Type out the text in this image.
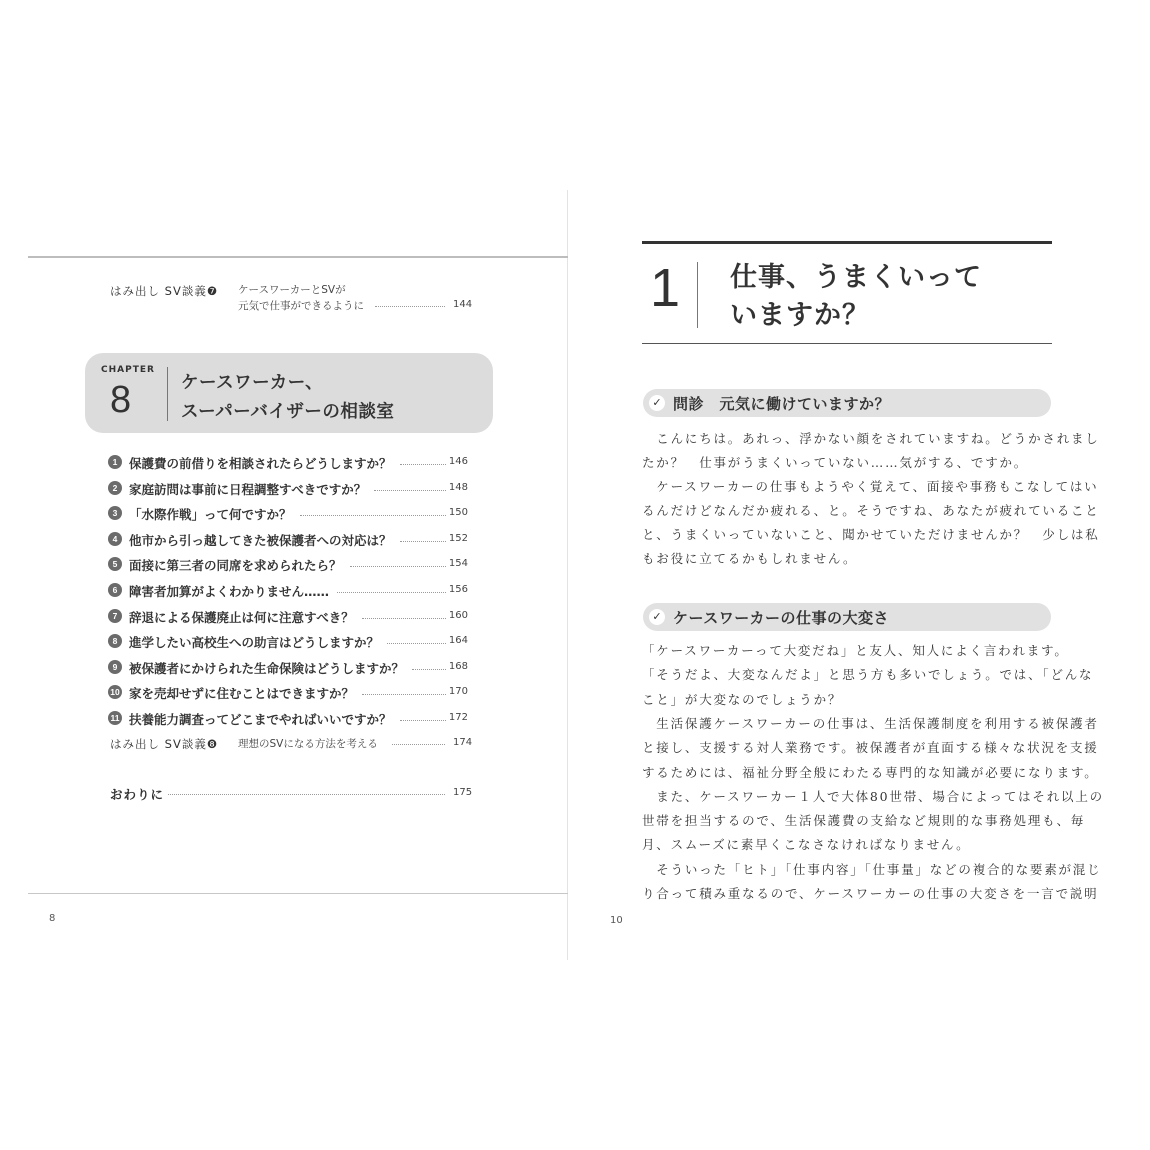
はみ出し SV談義❼ ケースワーカーとSVが
元気で仕事ができるように	144
CHAPTER
8	ケースワーカー、
スーパーバイザーの相談室
1 保護費の前借りを相談されたらどうしますか？	146
2 家庭訪問は事前に日程調整すべきですか？	148
3 「水際作戦」って何ですか？	150
4 他市から引っ越してきた被保護者への対応は？	152
5 面接に第三者の同席を求められたら？	154
6 障害者加算がよくわかりません……	156
7 辞退による保護廃止は何に注意すべき？	160
8 進学したい高校生への助言はどうしますか？	164
9 被保護者にかけられた生命保険はどうしますか？	168
10 家を売却せずに住むことはできますか？	170
11 扶養能力調査ってどこまでやればいいですか？	172
はみ出し SV談義❽ 理想のSVになる方法を考える	174
おわりに	175
8
1 仕事、うまくいって
いますか？
✓ 問診　元気に働けていますか？
　こんにちは。あれっ、浮かない顔をされていますね。どうかされまし
たか？　仕事がうまくいっていない……気がする、ですか。
　ケースワーカーの仕事もようやく覚えて、面接や事務もこなしてはい
るんだけどなんだか疲れる、と。そうですね、あなたが疲れていること
と、うまくいっていないこと、聞かせていただけませんか？　少しは私
もお役に立てるかもしれません。
✓ ケースワーカーの仕事の大変さ
「ケースワーカーって大変だね」と友人、知人によく言われます。
「そうだよ、大変なんだよ」と思う方も多いでしょう。では、「どんな
こと」が大変なのでしょうか？
　生活保護ケースワーカーの仕事は、生活保護制度を利用する被保護者
と接し、支援する対人業務です。被保護者が直面する様々な状況を支援
するためには、福祉分野全般にわたる専門的な知識が必要になります。
　また、ケースワーカー１人で大体80世帯、場合によってはそれ以上の
世帯を担当するので、生活保護費の支給など規則的な事務処理も、毎
月、スムーズに素早くこなさなければなりません。
　そういった「ヒト」「仕事内容」「仕事量」などの複合的な要素が混じ
り合って積み重なるので、ケースワーカーの仕事の大変さを一言で説明
10
